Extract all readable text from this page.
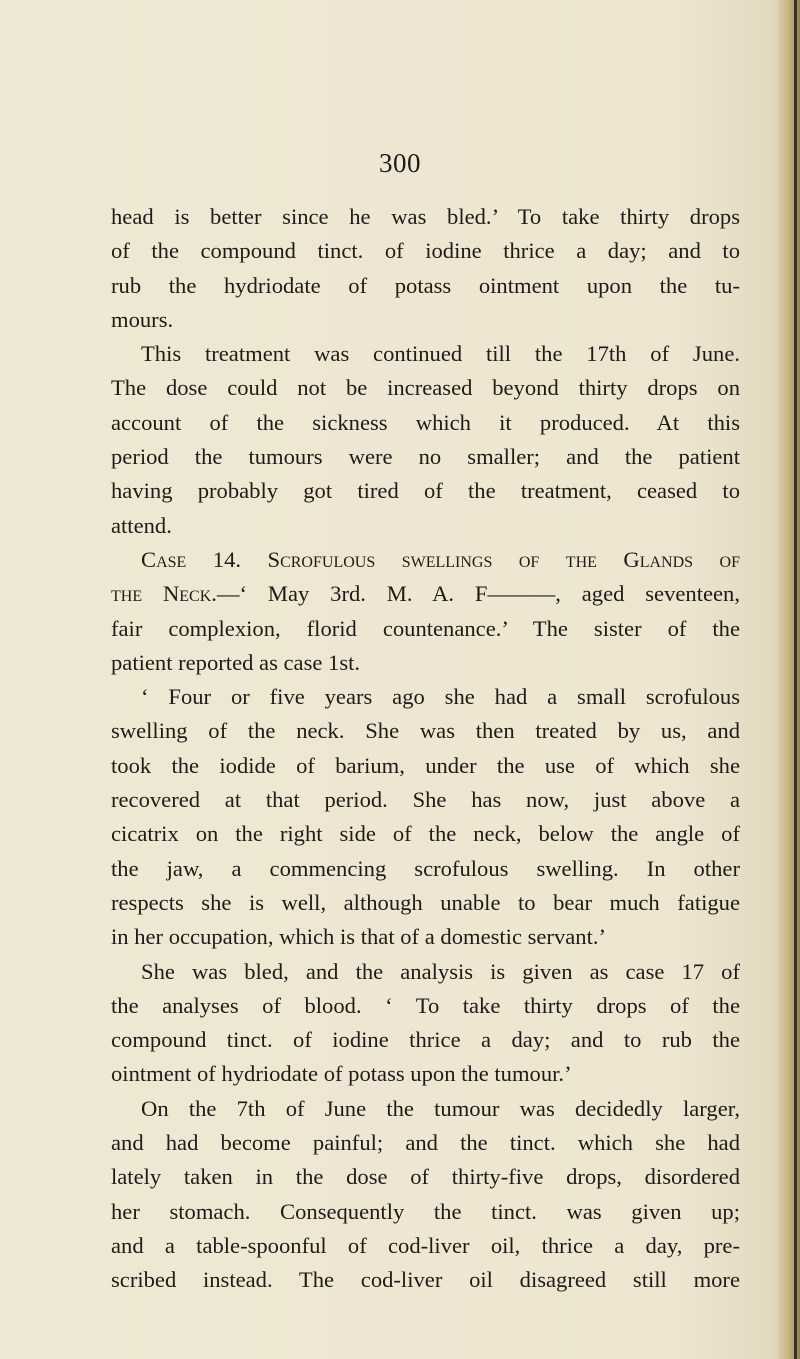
300
head is better since he was bled.’ To take thirty drops
of the compound tinct. of iodine thrice a day; and to
rub the hydriodate of potass ointment upon the tu-
mours.
This treatment was continued till the 17th of June.
The dose could not be increased beyond thirty drops on
account of the sickness which it produced. At this
period the tumours were no smaller; and the patient
having probably got tired of the treatment, ceased to
attend.
Case 14. Scrofulous swellings of the Glands of
the Neck.—‘ May 3rd. M. A. F———, aged seventeen,
fair complexion, florid countenance.’ The sister of the
patient reported as case 1st.
‘ Four or five years ago she had a small scrofulous
swelling of the neck. She was then treated by us, and
took the iodide of barium, under the use of which she
recovered at that period. She has now, just above a
cicatrix on the right side of the neck, below the angle of
the jaw, a commencing scrofulous swelling. In other
respects she is well, although unable to bear much fatigue
in her occupation, which is that of a domestic servant.’
She was bled, and the analysis is given as case 17 of
the analyses of blood. ‘ To take thirty drops of the
compound tinct. of iodine thrice a day; and to rub the
ointment of hydriodate of potass upon the tumour.’
On the 7th of June the tumour was decidedly larger,
and had become painful; and the tinct. which she had
lately taken in the dose of thirty-five drops, disordered
her stomach. Consequently the tinct. was given up;
and a table-spoonful of cod-liver oil, thrice a day, pre-
scribed instead. The cod-liver oil disagreed still more
